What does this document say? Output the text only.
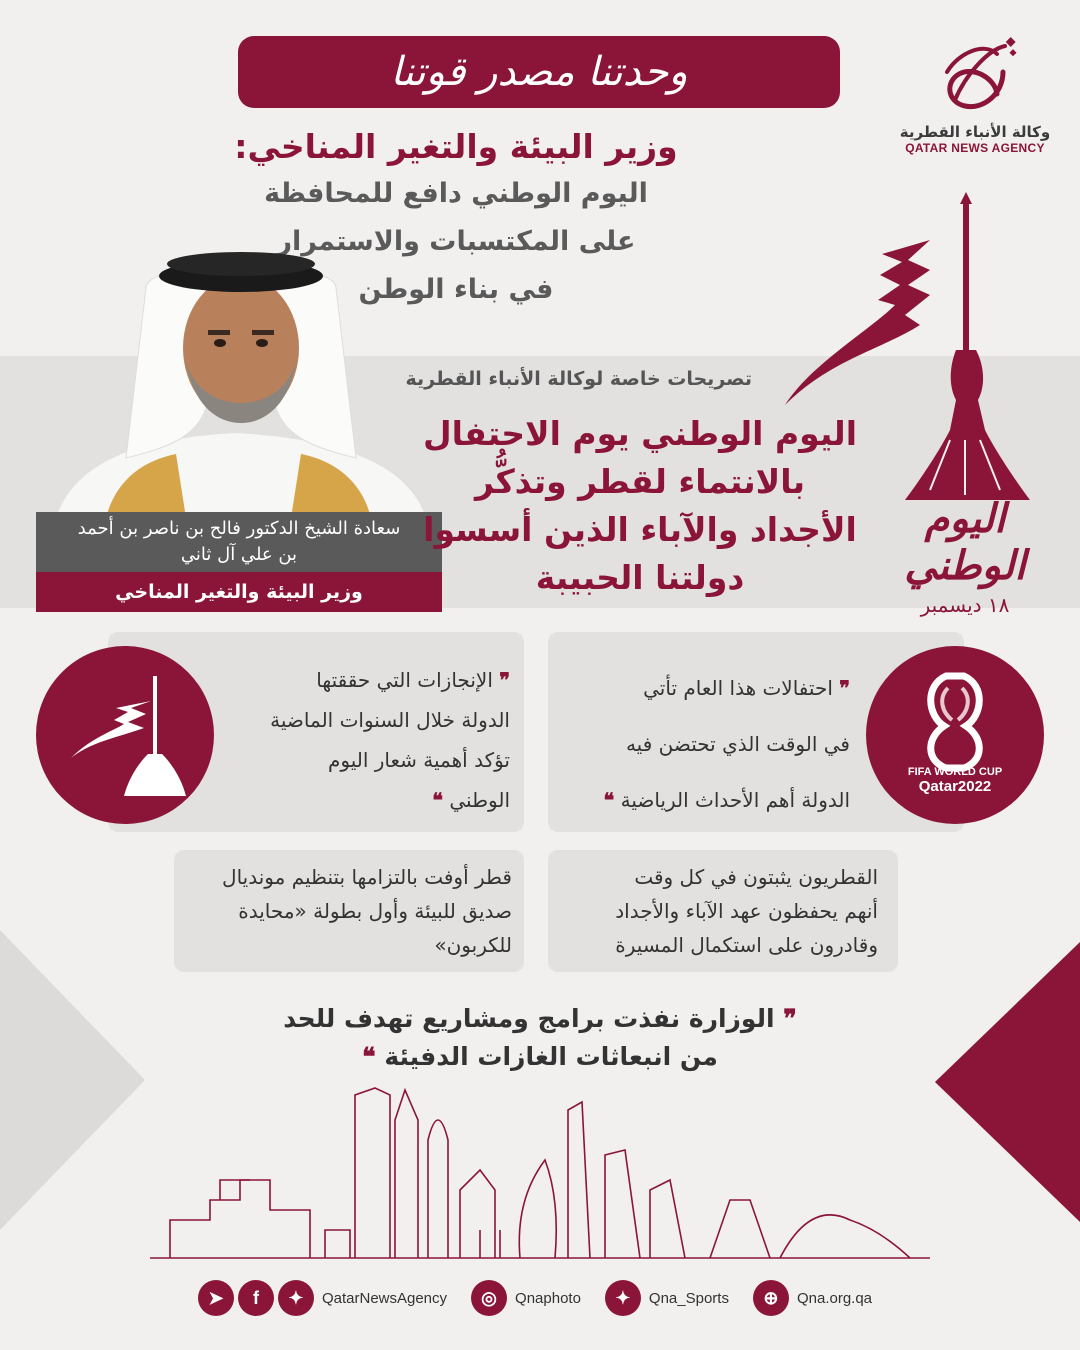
وحدتنا مصدر قوتنا
وكالة الأنباء القطرية
QATAR NEWS AGENCY
وزير البيئة والتغير المناخي:
اليوم الوطني دافع للمحافظة
على المكتسبات والاستمرار
في بناء الوطن
سعادة الشيخ الدكتور فالح بن ناصر بن أحمد
بن علي آل ثاني
وزير البيئة والتغير المناخي
تصريحات خاصة لوكالة الأنباء القطرية
اليوم الوطني يوم الاحتفال
بالانتماء لقطر وتذكُّر
الأجداد والآباء الذين أسسوا
دولتنا الحبيبة
اليوم الوطني
١٨ ديسمبر
FIFA WORLD CUP
Qatar2022
❞ احتفالات هذا العام تأتي
في الوقت الذي تحتضن فيه
الدولة أهم الأحداث الرياضية ❝
❞ الإنجازات التي حققتها
الدولة خلال السنوات الماضية
تؤكد أهمية شعار اليوم
الوطني ❝
القطريون يثبتون في كل وقت
أنهم يحفظون عهد الآباء والأجداد
وقادرون على استكمال المسيرة
قطر أوفت بالتزامها بتنظيم مونديال
صديق للبيئة وأول بطولة «محايدة
للكربون»
❞ الوزارة نفذت برامج ومشاريع تهدف للحد
من انبعاثات الغازات الدفيئة ❝
➤	f	✦	QatarNewsAgency	◎	Qnaphoto	✦	Qna_Sports	⊕	Qna.org.qa
